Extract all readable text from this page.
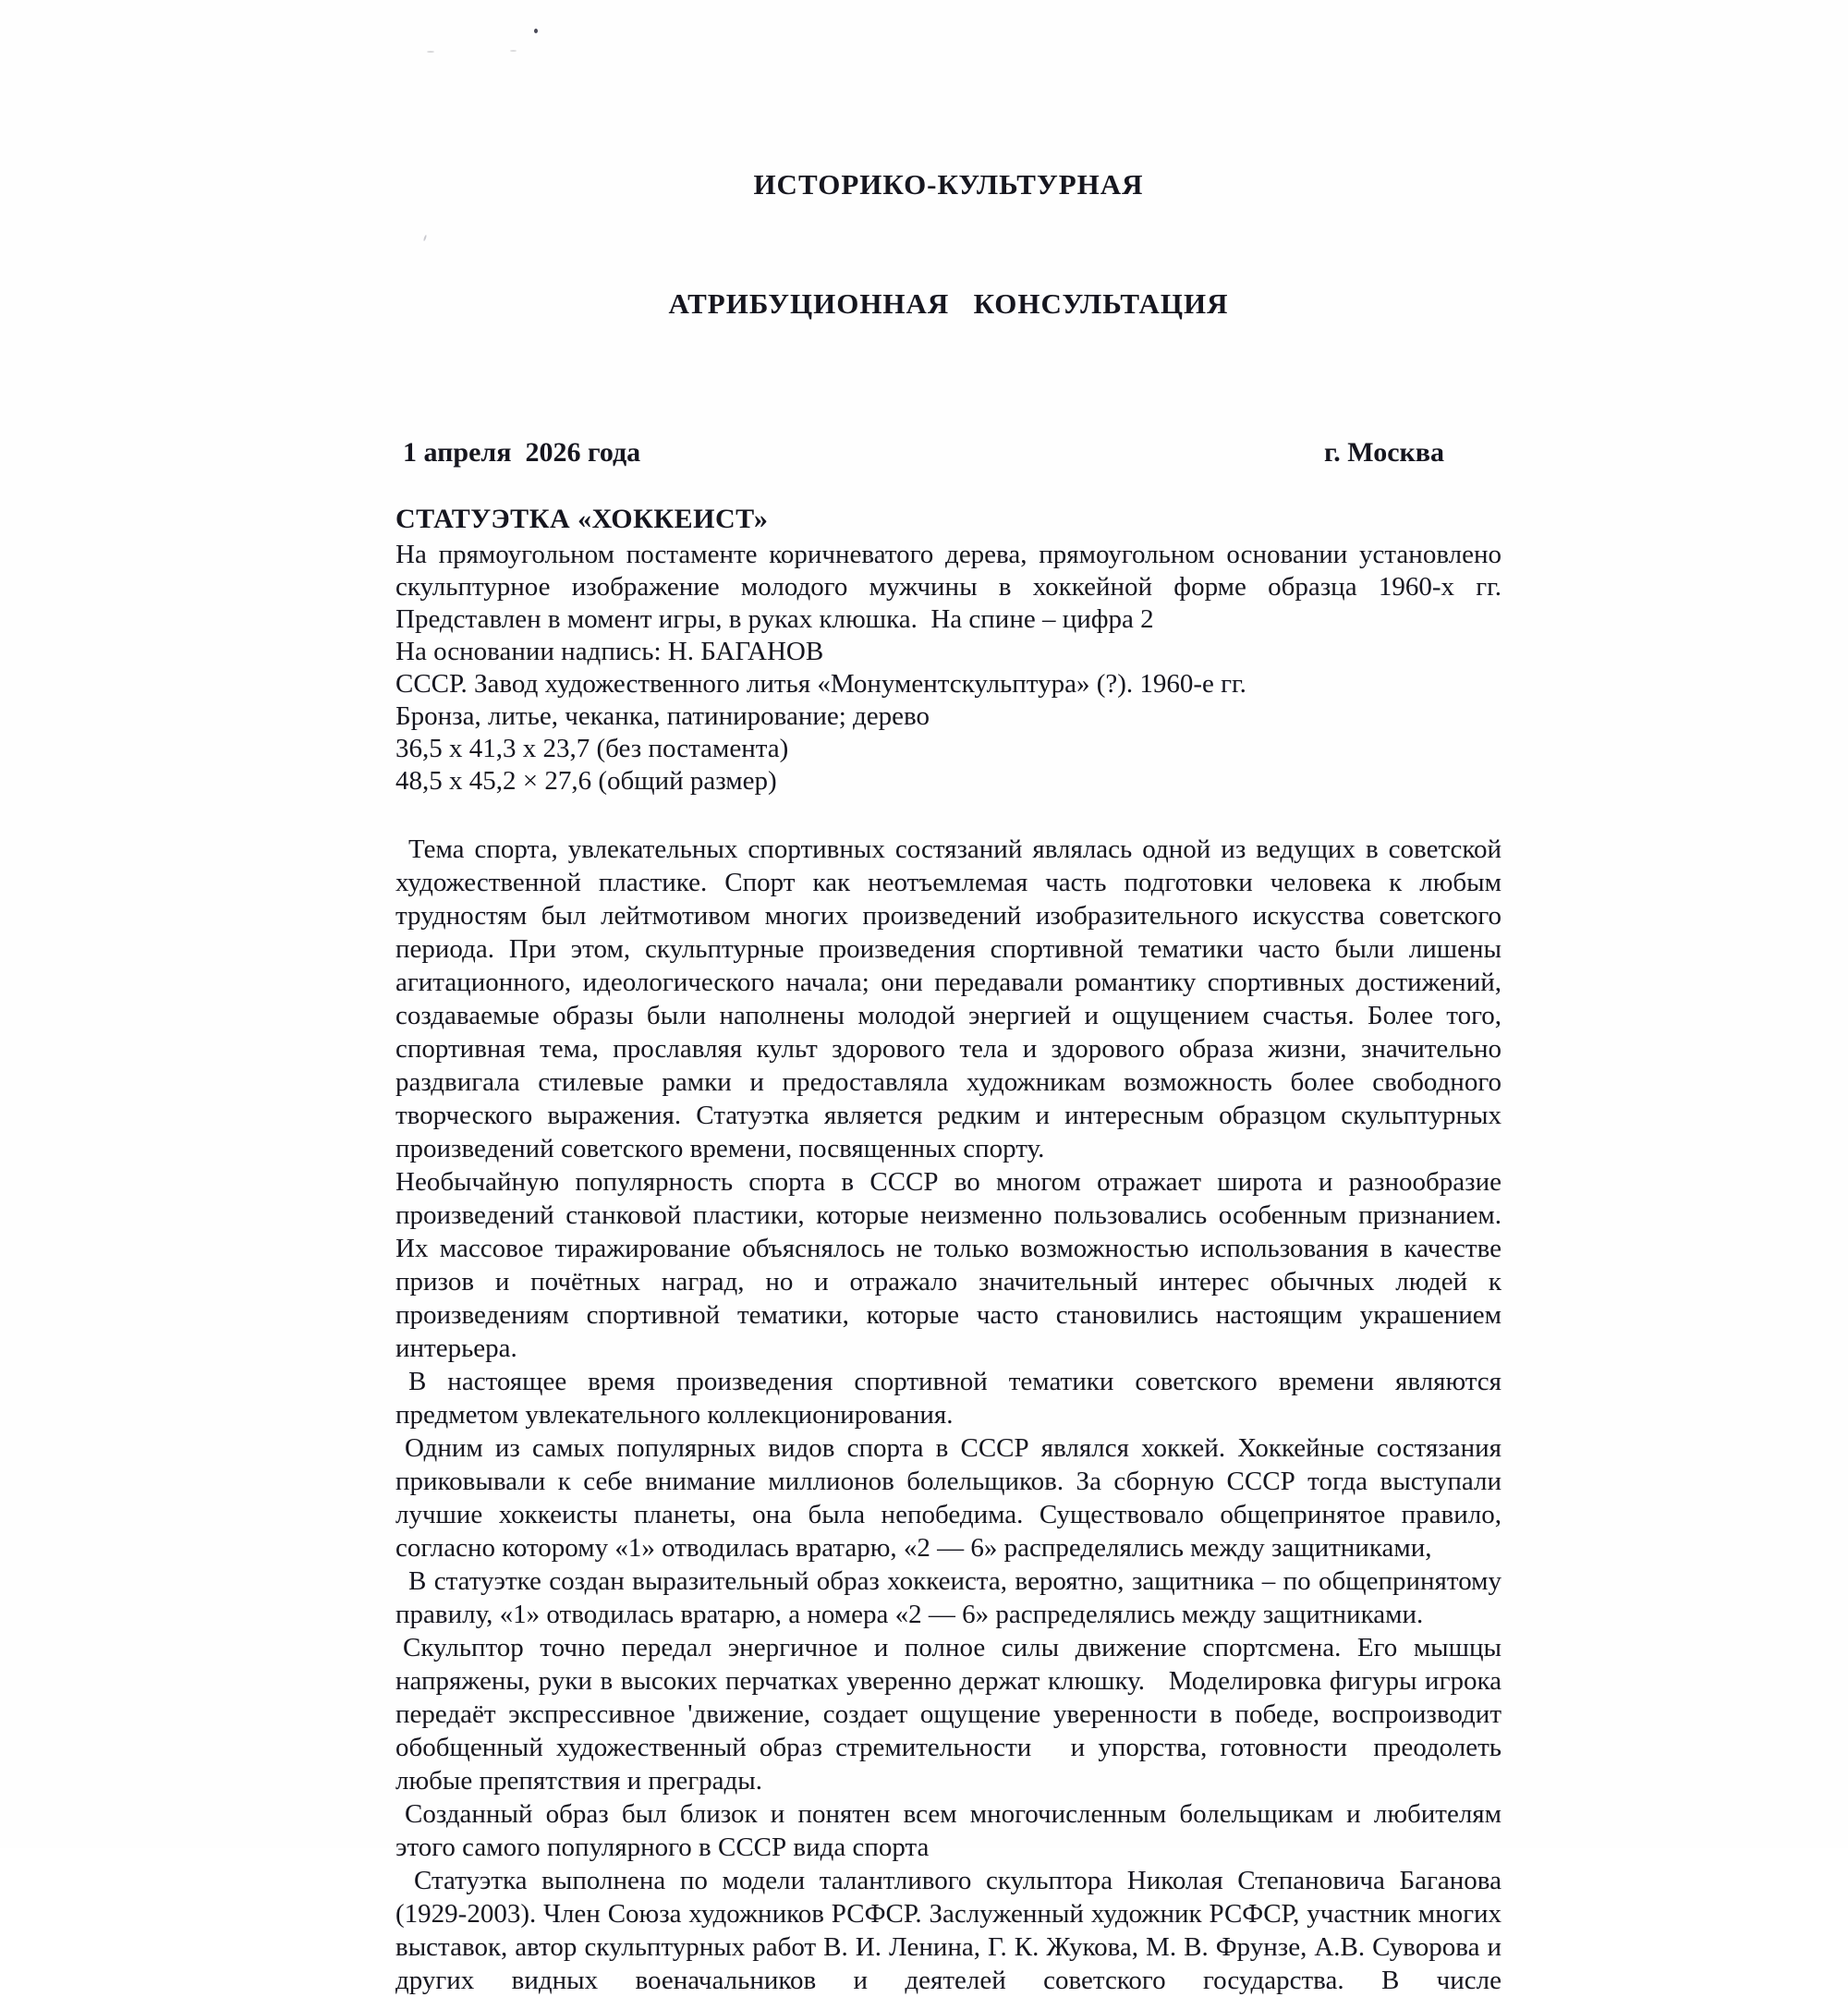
ИСТОРИКО-КУЛЬТУРНАЯ

АТРИБУЦИОННАЯ   КОНСУЛЬТАЦИЯ

1 апреля  2026 года	г. Москва
СТАТУЭТКА «ХОККЕИСТ»

На прямоугольном постаменте коричневатого дерева, прямоугольном основании установлено скульптурное изображение молодого мужчины в хоккейной форме образца 1960-х гг. Представлен в момент игры, в руках клюшка.  На спине – цифра 2

На основании надпись: Н. БАГАНОВ
СССР. Завод художественного литья «Монументскульптура» (?). 1960-е гг.
Бронза, литье, чеканка, патинирование; дерево
36,5 х 41,3 х 23,7 (без постамента)
48,5 х 45,2 × 27,6 (общий размер)

Тема спорта, увлекательных спортивных состязаний являлась одной из ведущих в советской художественной пластике. Спорт как неотъемлемая часть подготовки человека к любым трудностям был лейтмотивом многих произведений изобразительного искусства советского периода. При этом, скульптурные произведения спортивной тематики часто были лишены агитационного, идеологического начала; они передавали романтику спортивных достижений, создаваемые образы были наполнены молодой энергией и ощущением счастья. Более того, спортивная тема, прославляя культ здорового тела и здорового образа жизни, значительно раздвигала стилевые рамки и предоставляла художникам возможность более свободного творческого выражения. Статуэтка является редким и интересным образцом скульптурных произведений советского времени, посвященных спорту.

Необычайную популярность спорта в СССР во многом отражает широта и разнообразие произведений станковой пластики, которые неизменно пользовались особенным признанием. Их массовое тиражирование объяснялось не только возможностью использования в качестве призов и почётных наград, но и отражало значительный интерес обычных людей к произведениям спортивной тематики, которые часто становились настоящим украшением интерьера.

В настоящее время произведения спортивной тематики советского времени являются предметом увлекательного коллекционирования.

Одним из самых популярных видов спорта в СССР являлся хоккей. Хоккейные состязания приковывали к себе внимание миллионов болельщиков. За сборную СССР тогда выступали лучшие хоккеисты планеты, она была непобедима. Существовало общепринятое правило, согласно которому «1» отводилась вратарю, «2 — 6» распределялись между защитниками,

В статуэтке создан выразительный образ хоккеиста, вероятно, защитника – по общепринятому правилу, «1» отводилась вратарю, а номера «2 — 6» распределялись между защитниками.

Скульптор точно передал энергичное и полное силы движение спортсмена. Его мышцы напряжены, руки в высоких перчатках уверенно держат клюшку.   Моделировка фигуры игрока передаёт экспрессивное 'движение, создает ощущение уверенности в победе, воспроизводит   обобщенный художественный образ стремительности   и упорства, готовности  преодолеть любые препятствия и преграды.

Созданный образ был близок и понятен всем многочисленным болельщикам и любителям этого самого популярного в СССР вида спорта

Статуэтка выполнена по модели талантливого скульптора Николая Степановича Баганова (1929-2003). Член Союза художников РСФСР. Заслуженный художник РСФСР, участник многих выставок, автор скульптурных работ В. И. Ленина, Г. К. Жукова, М. В. Фрунзе, А.В. Суворова и других видных военачальников и деятелей советского государства. В числе
